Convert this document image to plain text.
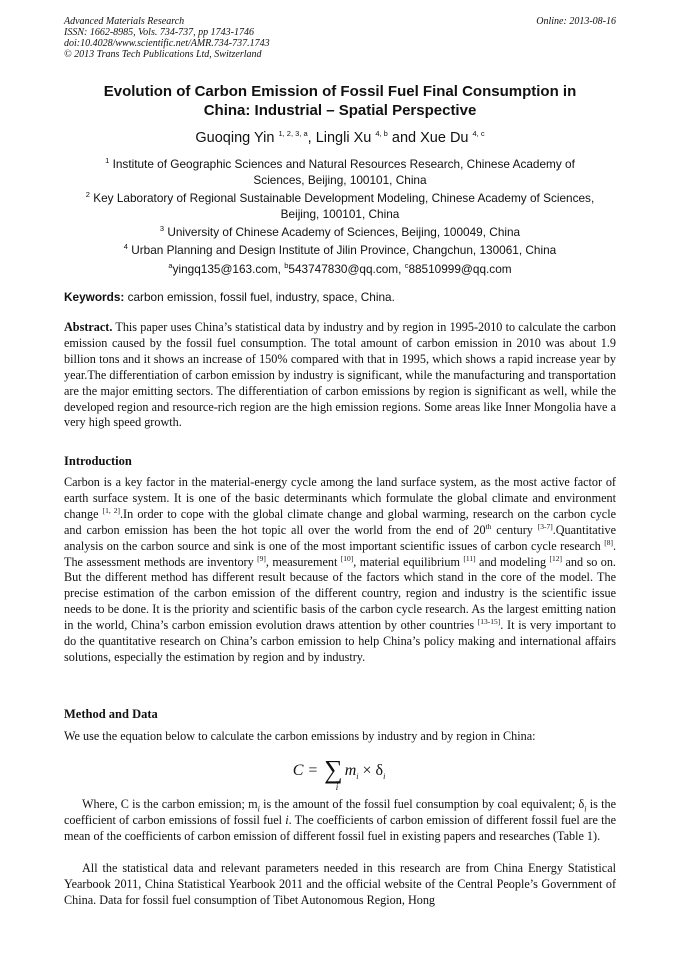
Advanced Materials Research
ISSN: 1662-8985, Vols. 734-737, pp 1743-1746
doi:10.4028/www.scientific.net/AMR.734-737.1743
© 2013 Trans Tech Publications Ltd, Switzerland
Online: 2013-08-16
Evolution of Carbon Emission of Fossil Fuel Final Consumption in
China: Industrial – Spatial Perspective
Guoqing Yin $^{1, 2, 3, a}$, Lingli Xu $^{4, b}$ and Xue Du $^{4, c}$

$^1$ Institute of Geographic Sciences and Natural Resources Research, Chinese Academy of
Sciences, Beijing, 100101, China

$^2$ Key Laboratory of Regional Sustainable Development Modeling, Chinese Academy of Sciences,
Beijing, 100101, China

$^3$ University of Chinese Academy of Sciences, Beijing, 100049, China

$^4$ Urban Planning and Design Institute of Jilin Province, Changchun, 130061, China

$^a$yingq135@163.com, $^b$543747830@qq.com, $^c$88510999@qq.com
Keywords: carbon emission, fossil fuel, industry, space, China.
Abstract. This paper uses China’s statistical data by industry and by region in 1995-2010 to calculate the carbon emission caused by the fossil fuel consumption. The total amount of carbon emission in 2010 was about 1.9 billion tons and it shows an increase of 150% compared with that in 1995, which shows a rapid increase year by year.The differentiation of carbon emission by industry is significant, while the manufacturing and transportation are the major emitting sectors. The differentiation of carbon emissions by region is significant as well, while the developed region and resource-rich region are the high emission regions. Some areas like Inner Mongolia have a very high speed growth.
Introduction
Carbon is a key factor in the material-energy cycle among the land surface system, as the most active factor of earth surface system. It is one of the basic determinants which formulate the global climate and environment change [1, 2].In order to cope with the global climate change and global warming, research on the carbon cycle and carbon emission has been the hot topic all over the world from the end of 20th century [3-7].Quantitative analysis on the carbon source and sink is one of the most important scientific issues of carbon cycle research [8]. The assessment methods are inventory [9], measurement [10], material equilibrium [11] and modeling [12] and so on. But the different method has different result because of the factors which stand in the core of the model. The precise estimation of the carbon emission of the different country, region and industry is the scientific issue needs to be done. It is the priority and scientific basis of the carbon cycle research. As the largest emitting nation in the world, China’s carbon emission evolution draws attention by other countries [13-15]. It is very important to do the quantitative research on China’s carbon emission to help China’s policy making and international affairs solutions, especially the estimation by region and by industry.
Method and Data
We use the equation below to calculate the carbon emissions by industry and by region in China:
C = ∑ $m_i \times \delta_i$
i
Where, C is the carbon emission; $m_i$ is the amount of the fossil fuel consumption by coal equivalent; $\delta_i$ is the coefficient of carbon emissions of fossil fuel i. The coefficients of carbon emission of different fossil fuel are the mean of the coefficients of carbon emission of different fossil fuel in existing papers and researches (Table 1).
All the statistical data and relevant parameters needed in this research are from China Energy Statistical Yearbook 2011, China Statistical Yearbook 2011 and the official website of the Central People’s Government of China. Data for fossil fuel consumption of Tibet Autonomous Region, Hong
